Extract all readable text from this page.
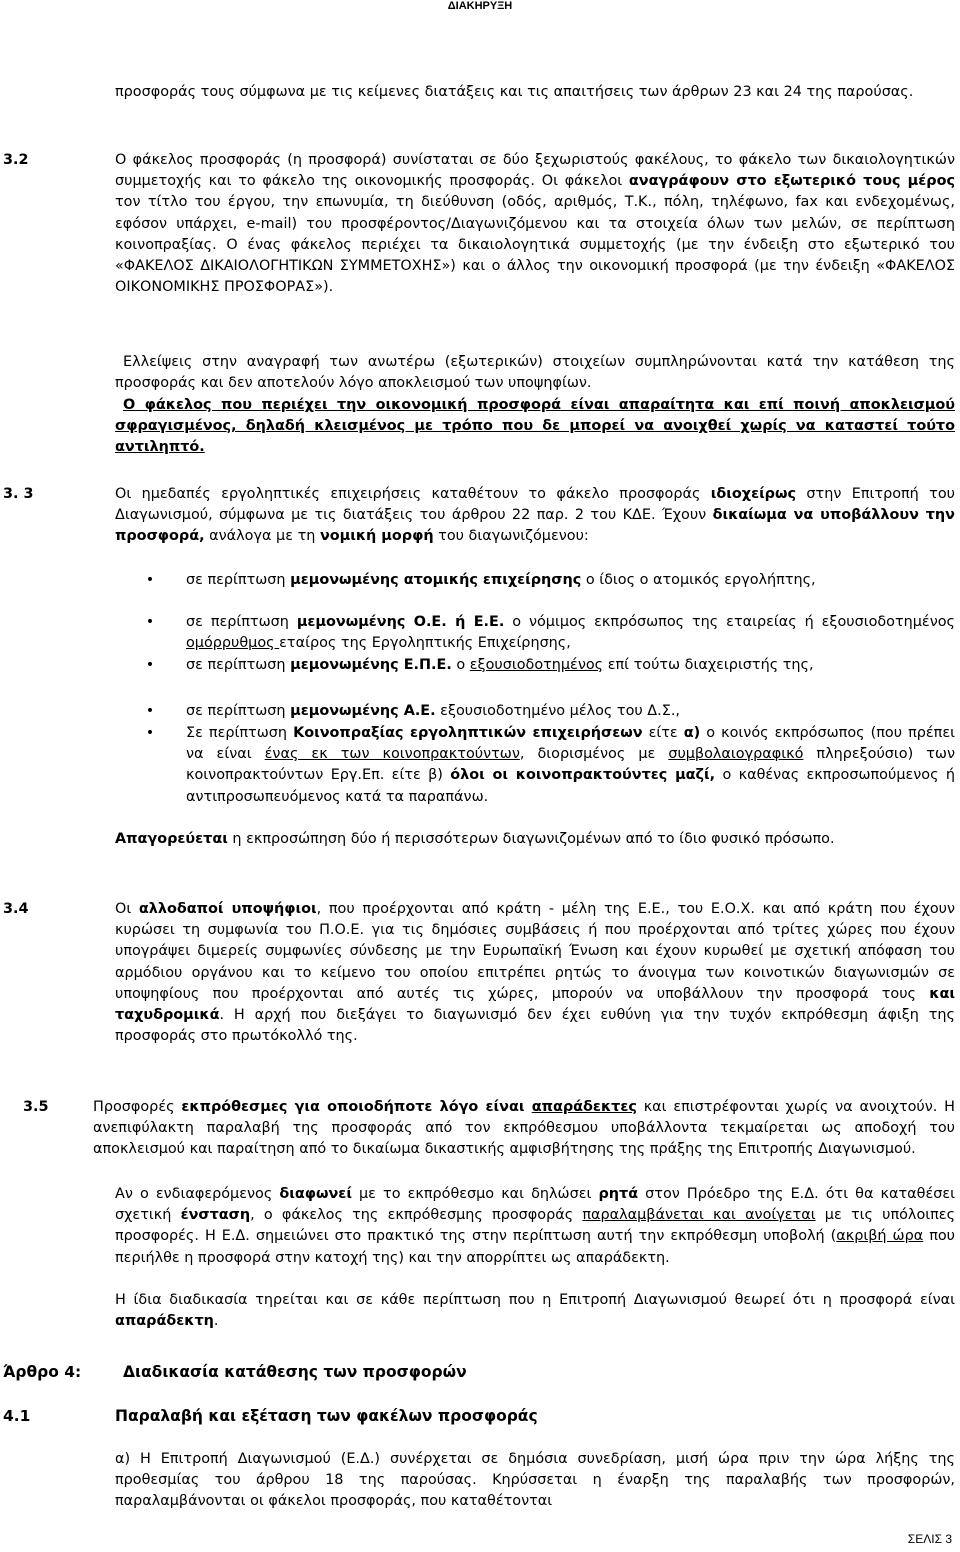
ΔΙΑΚΗΡΥΞΗ
προσφοράς τους σύμφωνα με τις κείμενες διατάξεις και τις απαιτήσεις των άρθρων 23 και 24 της παρούσας.
3.2	Ο φάκελος προσφοράς (η προσφορά) συνίσταται σε δύο ξεχωριστούς φακέλους, το φάκελο των δικαιολογητικών συμμετοχής και το φάκελο της οικονομικής προσφοράς. Οι φάκελοι αναγράφουν στο εξωτερικό τους μέρος τον τίτλο του έργου, την επωνυμία, τη διεύθυνση (οδός, αριθμός, Τ.Κ., πόλη, τηλέφωνο, fax και ενδεχομένως, εφόσον υπάρχει, e-mail) του προσφέροντος/Διαγωνιζόμενου και τα στοιχεία όλων των μελών, σε περίπτωση κοινοπραξίας. Ο ένας φάκελος περιέχει τα δικαιολογητικά συμμετοχής (με την ένδειξη στο εξωτερικό του «ΦΑΚΕΛΟΣ ΔΙΚΑΙΟΛΟΓΗΤΙΚΩΝ ΣΥΜΜΕΤΟΧΗΣ») και ο άλλος την οικονομική προσφορά (με την ένδειξη «ΦΑΚΕΛΟΣ ΟΙΚΟΝΟΜΙΚΗΣ ΠΡΟΣΦΟΡΑΣ»).
Ελλείψεις στην αναγραφή των ανωτέρω (εξωτερικών) στοιχείων συμπληρώνονται κατά την κατάθεση της προσφοράς και δεν αποτελούν λόγο αποκλεισμού των υποψηφίων.
Ο φάκελος που περιέχει την οικονομική προσφορά είναι απαραίτητα και επί ποινή αποκλεισμού σφραγισμένος, δηλαδή κλεισμένος με τρόπο που δε μπορεί να ανοιχθεί χωρίς να καταστεί τούτο αντιληπτό.
3. 3	Οι ημεδαπές εργοληπτικές επιχειρήσεις καταθέτουν το φάκελο προσφοράς ιδιοχείρως στην Επιτροπή του Διαγωνισμού, σύμφωνα με τις διατάξεις του άρθρου 22 παρ. 2 του ΚΔΕ. Έχουν δικαίωμα να υποβάλλουν την προσφορά, ανάλογα με τη νομική μορφή του διαγωνιζόμενου:
•	σε περίπτωση μεμονωμένης ατομικής επιχείρησης ο ίδιος ο ατομικός εργολήπτης,
•	σε περίπτωση μεμονωμένης Ο.Ε. ή Ε.Ε. ο νόμιμος εκπρόσωπος της εταιρείας ή εξουσιοδοτημένος ομόρρυθμος εταίρος της Εργοληπτικής Επιχείρησης,
•	σε περίπτωση μεμονωμένης Ε.Π.Ε. ο εξουσιοδοτημένος επί τούτω διαχειριστής της,
•	σε περίπτωση μεμονωμένης Α.Ε. εξουσιοδοτημένο μέλος του Δ.Σ.,
•	Σε περίπτωση Κοινοπραξίας εργοληπτικών επιχειρήσεων είτε α) ο κοινός εκπρόσωπος (που πρέπει να είναι ένας εκ των κοινοπρακτούντων, διορισμένος με συμβολαιογραφικό πληρεξούσιο) των κοινοπρακτούντων Εργ.Επ. είτε β) όλοι οι κοινοπρακτούντες μαζί, ο καθένας εκπροσωπούμενος ή αντιπροσωπευόμενος κατά τα παραπάνω.
Απαγορεύεται η εκπροσώπηση δύο ή περισσότερων διαγωνιζομένων από το ίδιο φυσικό πρόσωπο.
3.4	Οι αλλοδαποί υποψήφιοι, που προέρχονται από κράτη - μέλη της Ε.Ε., του Ε.Ο.Χ. και από κράτη που έχουν κυρώσει τη συμφωνία του Π.Ο.Ε. για τις δημόσιες συμβάσεις ή που προέρχονται από τρίτες χώρες που έχουν υπογράψει διμερείς συμφωνίες σύνδεσης με την Ευρωπαϊκή Ένωση και έχουν κυρωθεί με σχετική απόφαση του αρμόδιου οργάνου και το κείμενο του οποίου επιτρέπει ρητώς το άνοιγμα των κοινοτικών διαγωνισμών σε υποψηφίους που προέρχονται από αυτές τις χώρες, μπορούν να υποβάλλουν την προσφορά τους και ταχυδρομικά. Η αρχή που διεξάγει το διαγωνισμό δεν έχει ευθύνη για την τυχόν εκπρόθεσμη άφιξη της προσφοράς στο πρωτόκολλό της.
3.5	Προσφορές εκπρόθεσμες για οποιοδήποτε λόγο είναι απαράδεκτες και επιστρέφονται χωρίς να ανοιχτούν. Η ανεπιφύλακτη παραλαβή της προσφοράς από τον εκπρόθεσμου υποβάλλοντα τεκμαίρεται ως αποδοχή του αποκλεισμού και παραίτηση από το δικαίωμα δικαστικής αμφισβήτησης της πράξης της Επιτροπής Διαγωνισμού.
Αν ο ενδιαφερόμενος διαφωνεί με το εκπρόθεσμο και δηλώσει ρητά στον Πρόεδρο της Ε.Δ. ότι θα καταθέσει σχετική ένσταση, ο φάκελος της εκπρόθεσμης προσφοράς παραλαμβάνεται και ανοίγεται με τις υπόλοιπες προσφορές. Η Ε.Δ. σημειώνει στο πρακτικό της στην περίπτωση αυτή την εκπρόθεσμη υποβολή (ακριβή ώρα που περιήλθε η προσφορά στην κατοχή της) και την απορρίπτει ως απαράδεκτη.
Η ίδια διαδικασία τηρείται και σε κάθε περίπτωση που η Επιτροπή Διαγωνισμού θεωρεί ότι η προσφορά είναι απαράδεκτη.
Άρθρο 4:	Διαδικασία κατάθεσης των προσφορών
4.1	Παραλαβή και εξέταση των φακέλων προσφοράς
α) Η Επιτροπή Διαγωνισμού (Ε.Δ.) συνέρχεται σε δημόσια συνεδρίαση, μισή ώρα πριν την ώρα λήξης της προθεσμίας του άρθρου 18 της παρούσας. Κηρύσσεται η έναρξη της παραλαβής των προσφορών, παραλαμβάνονται οι φάκελοι προσφοράς, που καταθέτονται
ΣΕΛΙΣ 3
